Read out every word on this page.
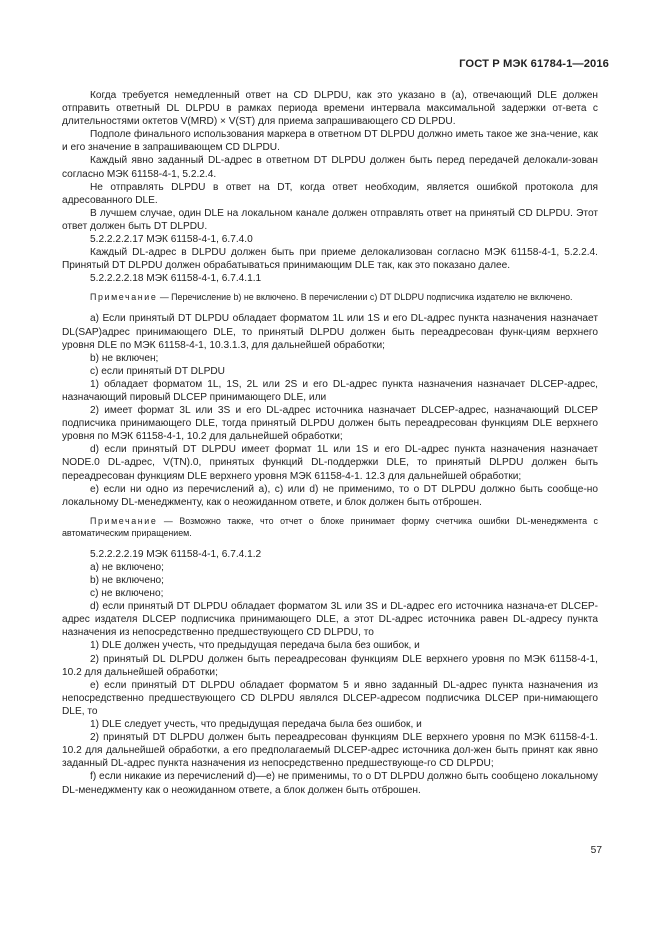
ГОСТ Р МЭК 61784-1—2016

Когда требуется немедленный ответ на CD DLPDU, как это указано в (а), отвечающий DLE должен отправить ответный DL DLPDU в рамках периода времени интервала максимальной задержки от-вета с длительностями октетов V(MRD) × V(ST) для приема запрашивающего CD DLPDU.

Подполе финального использования маркера в ответном DT DLPDU должно иметь такое же зна-чение, как и его значение в запрашивающем CD DLPDU.

Каждый явно заданный DL-адрес в ответном DT DLPDU должен быть перед передачей делокали-зован согласно МЭК 61158-4-1, 5.2.2.4.

Не отправлять DLPDU в ответ на DT, когда ответ необходим, является ошибкой протокола для адресованного DLE.

В лучшем случае, один DLE на локальном канале должен отправлять ответ на принятый CD DLPDU. Этот ответ должен быть DT DLPDU.

5.2.2.2.2.17 МЭК 61158-4-1, 6.7.4.0

Каждый DL-адрес в DLPDU должен быть при приеме делокализован согласно МЭК 61158-4-1, 5.2.2.4. Принятый DT DLPDU должен обрабатываться принимающим DLE так, как это показано далее.

5.2.2.2.2.18 МЭК 61158-4-1, 6.7.4.1.1

Примечание — Перечисление b) не включено. В перечислении c) DT DLDPU подписчика издателю не включено.

а) Если принятый DT DLPDU обладает форматом 1L или 1S и его DL-адрес пункта назначения назначает DL(SAP)адрес принимающего DLE, то принятый DLPDU должен быть переадресован функ-циям верхнего уровня DLE по МЭК 61158-4-1, 10.3.1.3, для дальнейшей обработки;

b) не включен;

c) если принятый DT DLPDU

1) обладает форматом 1L, 1S, 2L или 2S и его DL-адрес пункта назначения назначает DLCEP-адрес, назначающий пировый DLCEP принимающего DLE, или

2) имеет формат 3L или 3S и его DL-адрес источника назначает DLCEP-адрес, назначающий DLCEP подписчика принимающего DLE, тогда принятый DLPDU должен быть переадресован функциям DLE верхнего уровня по МЭК 61158-4-1, 10.2 для дальнейшей обработки;

d) если принятый DT DLPDU имеет формат 1L или 1S и его DL-адрес пункта назначения назначает NODE.0 DL-адрес, V(TN).0, принятых функций DL-поддержки DLE, то принятый DLPDU должен быть переадресован функциям DLE верхнего уровня МЭК 61158-4-1. 12.3 для дальнейшей обработки;

e) если ни одно из перечислений а), с) или d) не применимо, то о DT DLPDU должно быть сообще-но локальному DL-менеджменту, как о неожиданном ответе, и блок должен быть отброшен.

Примечание — Возможно также, что отчет о блоке принимает форму счетчика ошибки DL-менеджмента с автоматическим приращением.

5.2.2.2.2.19 МЭК 61158-4-1, 6.7.4.1.2

а) не включено;

b) не включено;

с) не включено;

d) если принятый DT DLPDU обладает форматом 3L или 3S и DL-адрес его источника назнача-ет DLCEP-адрес издателя DLCEP подписчика принимающего DLE, а этот DL-адрес источника равен DL-адресу пункта назначения из непосредственно предшествующего CD DLPDU, то

1) DLE должен учесть, что предыдущая передача была без ошибок, и

2) принятый DL DLPDU должен быть переадресован функциям DLE верхнего уровня по МЭК 61158-4-1, 10.2 для дальнейшей обработки;

е) если принятый DT DLPDU обладает форматом 5 и явно заданный DL-адрес пункта назначения из непосредственно предшествующего CD DLPDU являлся DLCEP-адресом подписчика DLCEP при-нимающего DLE, то

1) DLE следует учесть, что предыдущая передача была без ошибок, и

2) принятый DT DLPDU должен быть переадресован функциям DLE верхнего уровня по МЭК 61158-4-1. 10.2 для дальнейшей обработки, а его предполагаемый DLCEP-адрес источника дол-жен быть принят как явно заданный DL-адрес пункта назначения из непосредственно предшествующе-го CD DLPDU;

f) если никакие из перечислений d)—e) не применимы, то о DT DLPDU должно быть сообщено локальному DL-менеджменту как о неожиданном ответе, а блок должен быть отброшен.

57
